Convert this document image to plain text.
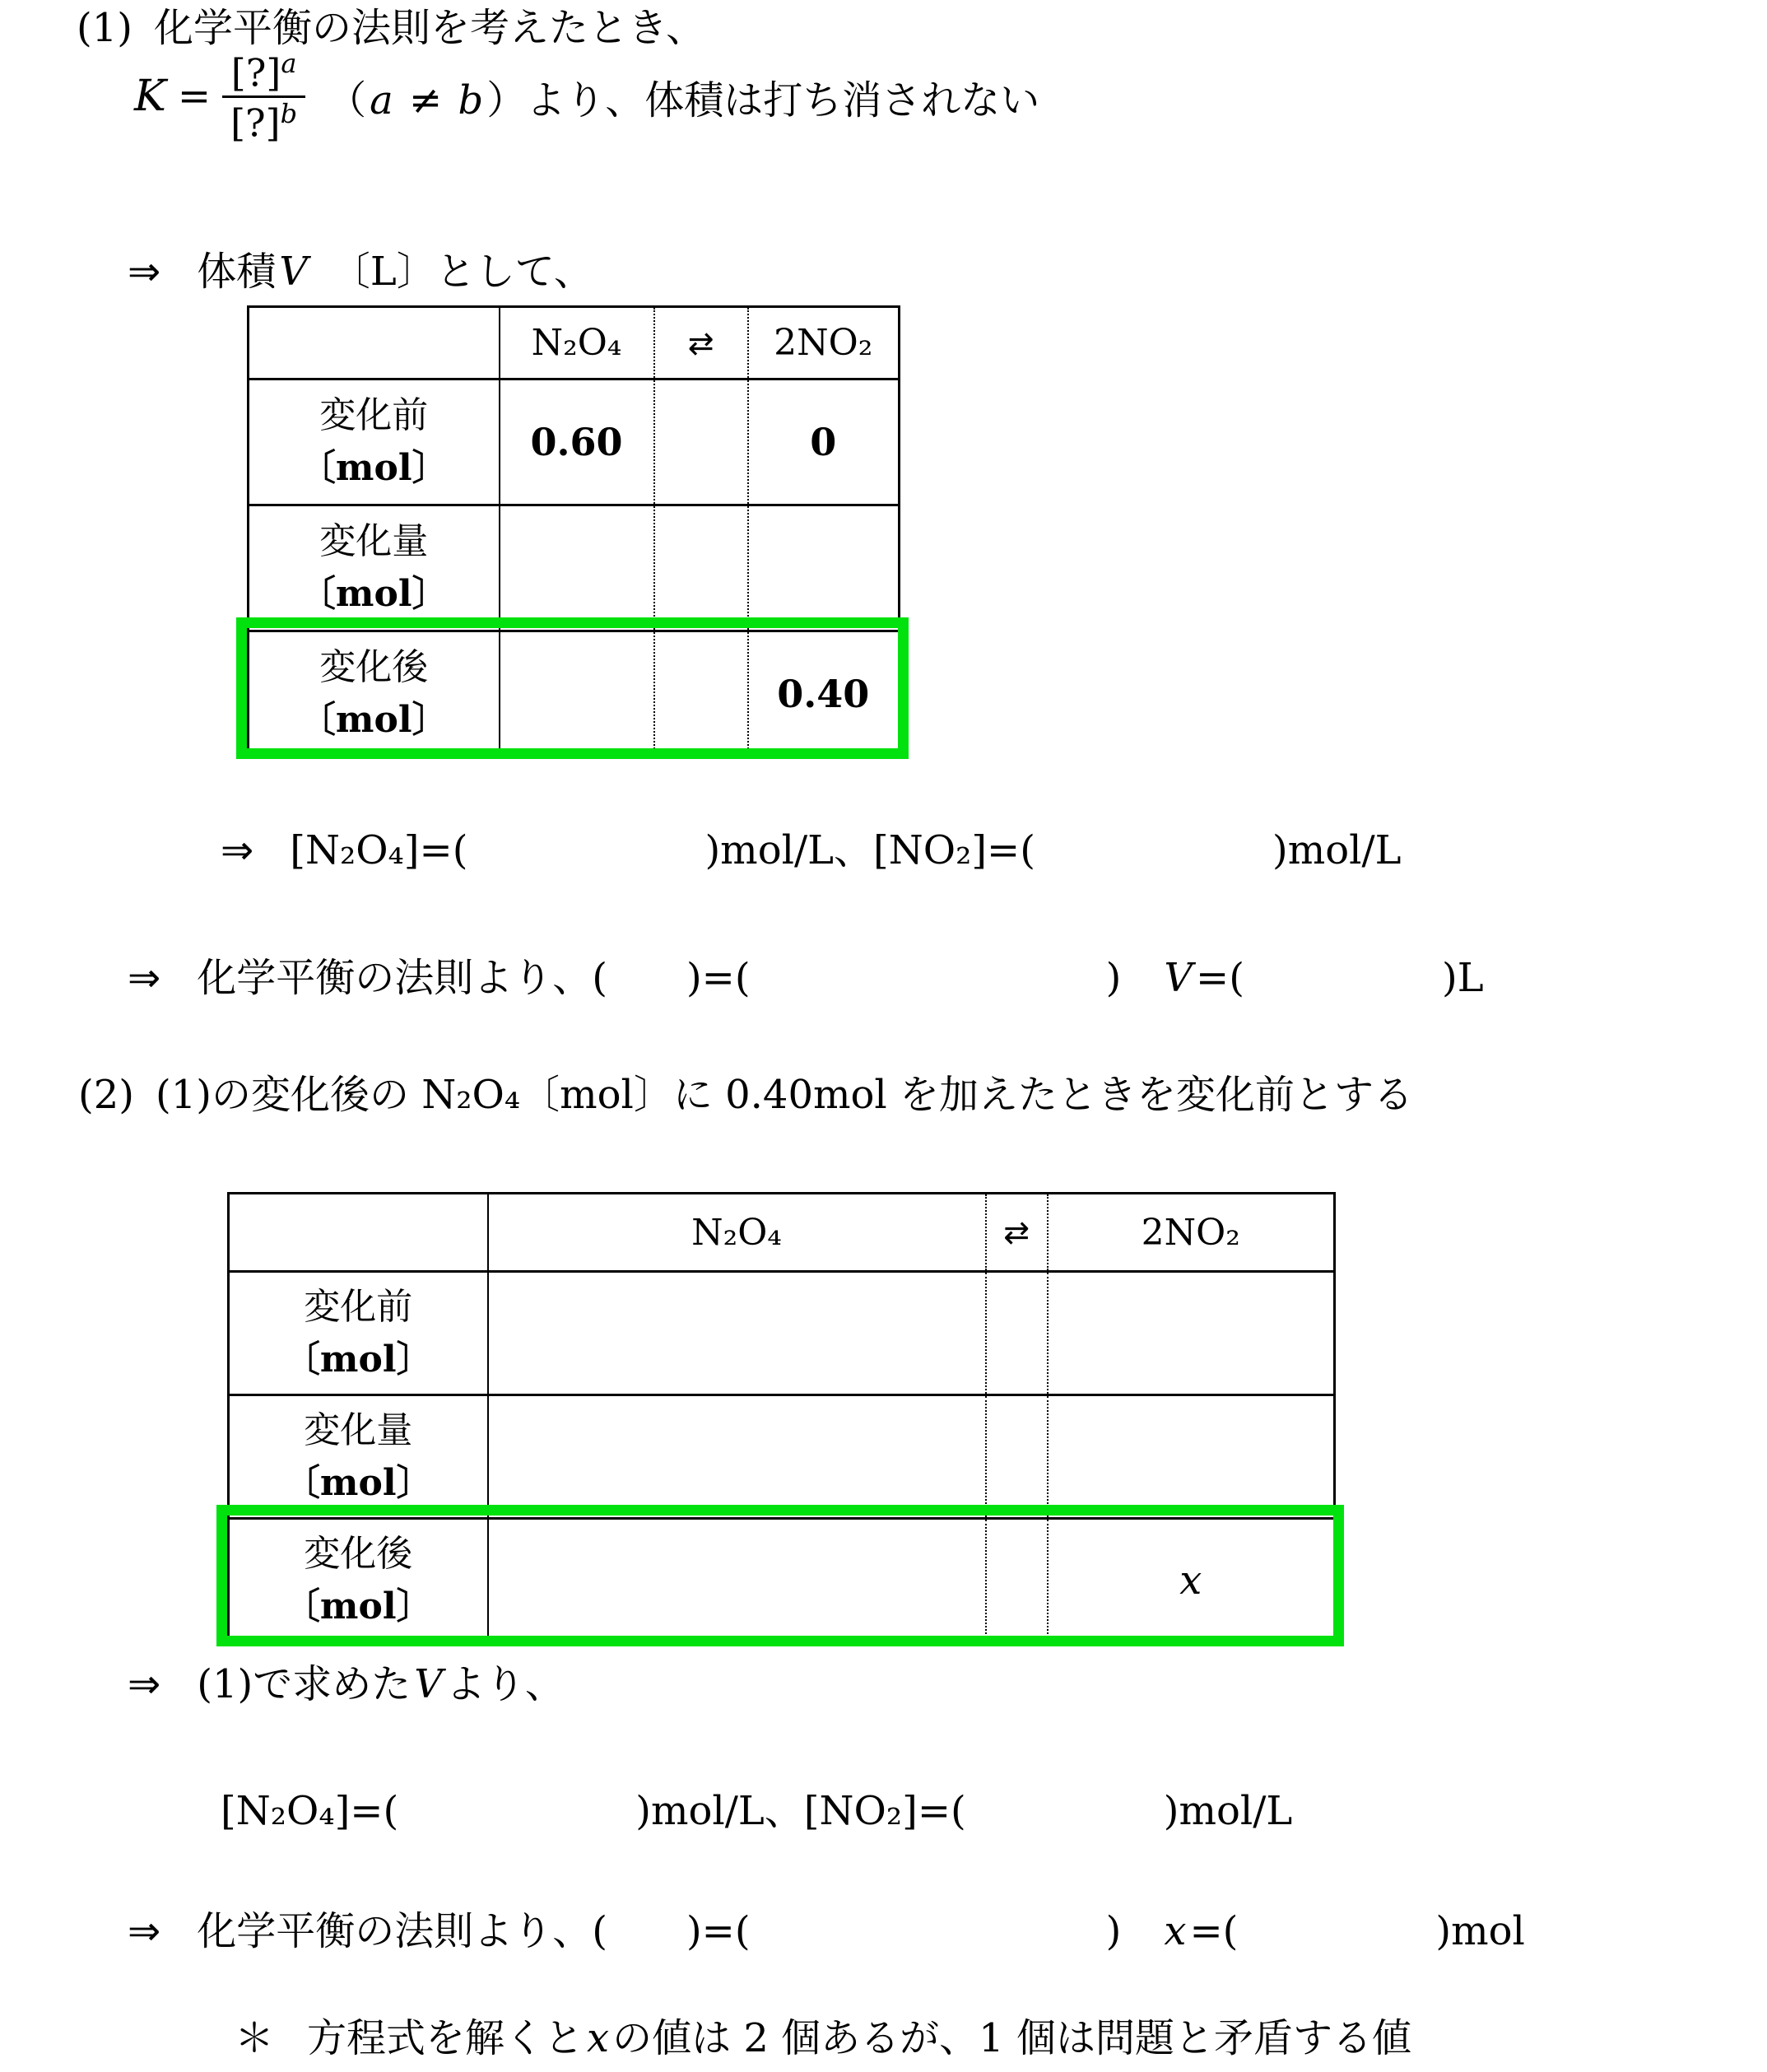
(1) 化学平衡の法則を考えたとき、
$K = \frac{[?]^a}{[?]^b} (a \ne b)$ より、体積は打ち消されない
⇒ 体積 V 　〔L〕として、
	N₂O₄	⇄	2NO₂

変化前
〔mol〕	0.60		0

変化量
〔mol〕			

変化後
〔mol〕			0.40
⇒ [N₂O₄]=(　　　　　　)mol/L、[NO₂]=(　　　　　　)mol/L
⇒ 化学平衡の法則より、(　　)=(　　　　　　　　　)　 V =(　　　　　)L
(2) (1)の変化後の N₂O₄〔mol〕に 0.40mol を加えたときを変化前とする
	N₂O₄	⇄	2NO₂

変化前
〔mol〕			

変化量
〔mol〕			

変化後
〔mol〕			x
⇒ (1)で求めた V より、
[N₂O₄]=(　　　　　　)mol/L、[NO₂]=(　　　　　)mol/L
⇒ 化学平衡の法則より、(　　)=(　　　　　　　　　)　 x =(　　　　　)mol
＊ 方程式を解くと x の値は 2 個あるが、1 個は問題と矛盾する値
